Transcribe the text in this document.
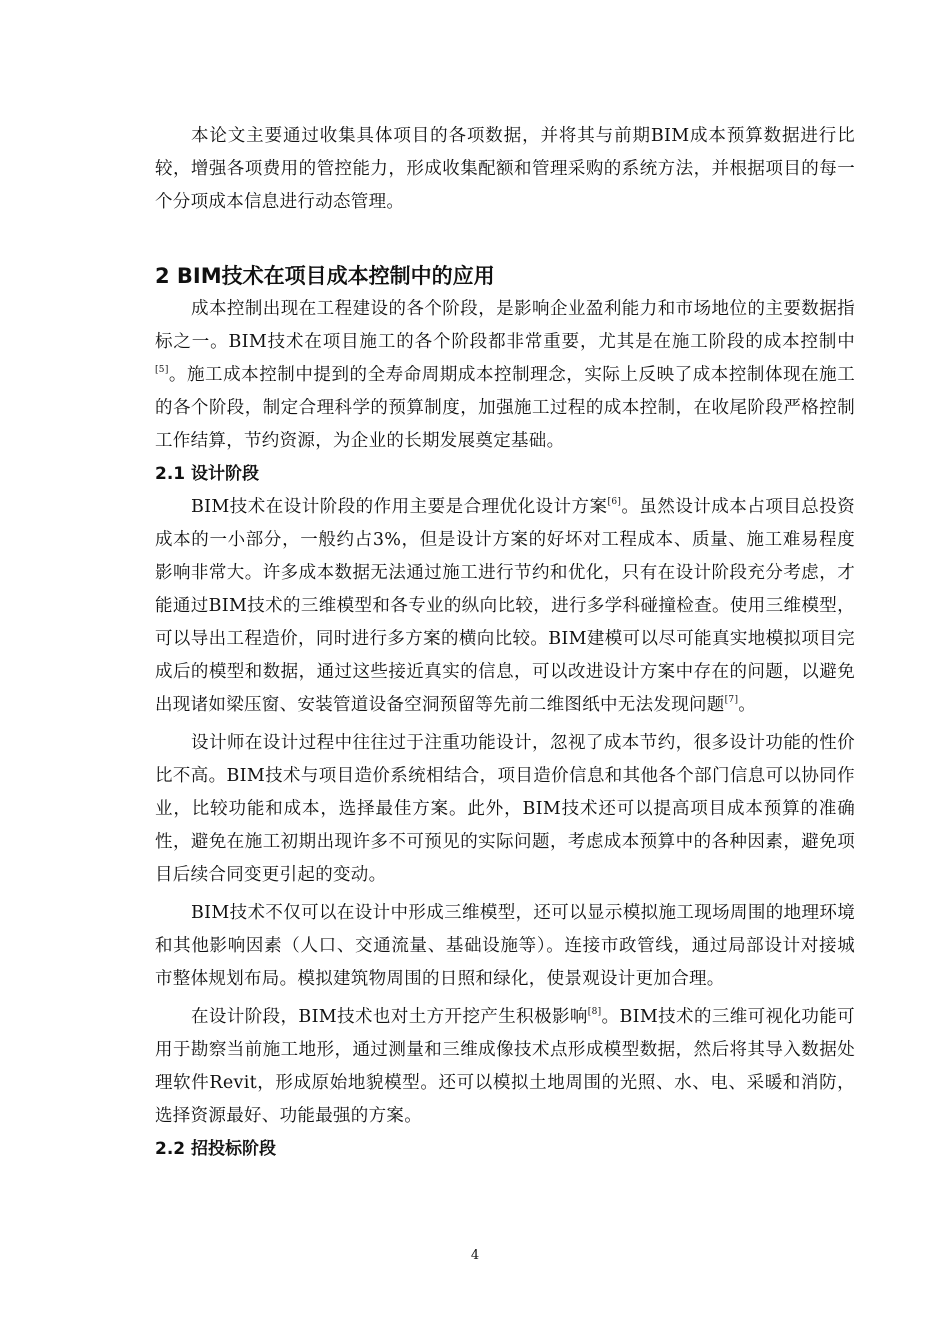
本论文主要通过收集具体项目的各项数据，并将其与前期BIM成本预算数据进行比较，增强各项费用的管控能力，形成收集配额和管理采购的系统方法，并根据项目的每一个分项成本信息进行动态管理。

2 BIM技术在项目成本控制中的应用

成本控制出现在工程建设的各个阶段，是影响企业盈利能力和市场地位的主要数据指标之一。BIM技术在项目施工的各个阶段都非常重要，尤其是在施工阶段的成本控制中[5]。施工成本控制中提到的全寿命周期成本控制理念，实际上反映了成本控制体现在施工的各个阶段，制定合理科学的预算制度，加强施工过程的成本控制，在收尾阶段严格控制工作结算，节约资源，为企业的长期发展奠定基础。

2.1 设计阶段

BIM技术在设计阶段的作用主要是合理优化设计方案[6]。虽然设计成本占项目总投资成本的一小部分，一般约占3%，但是设计方案的好坏对工程成本、质量、施工难易程度影响非常大。许多成本数据无法通过施工进行节约和优化，只有在设计阶段充分考虑，才能通过BIM技术的三维模型和各专业的纵向比较，进行多学科碰撞检查。使用三维模型，可以导出工程造价，同时进行多方案的横向比较。BIM建模可以尽可能真实地模拟项目完成后的模型和数据，通过这些接近真实的信息，可以改进设计方案中存在的问题，以避免出现诸如梁压窗、安装管道设备空洞预留等先前二维图纸中无法发现问题[7]。

设计师在设计过程中往往过于注重功能设计，忽视了成本节约，很多设计功能的性价比不高。BIM技术与项目造价系统相结合，项目造价信息和其他各个部门信息可以协同作业，比较功能和成本，选择最佳方案。此外，BIM技术还可以提高项目成本预算的准确性，避免在施工初期出现许多不可预见的实际问题，考虑成本预算中的各种因素，避免项目后续合同变更引起的变动。

BIM技术不仅可以在设计中形成三维模型，还可以显示模拟施工现场周围的地理环境和其他影响因素（人口、交通流量、基础设施等）。连接市政管线，通过局部设计对接城市整体规划布局。模拟建筑物周围的日照和绿化，使景观设计更加合理。

在设计阶段，BIM技术也对土方开挖产生积极影响[8]。BIM技术的三维可视化功能可用于勘察当前施工地形，通过测量和三维成像技术点形成模型数据，然后将其导入数据处理软件Revit，形成原始地貌模型。还可以模拟土地周围的光照、水、电、采暖和消防，选择资源最好、功能最强的方案。

2.2 招投标阶段
4
